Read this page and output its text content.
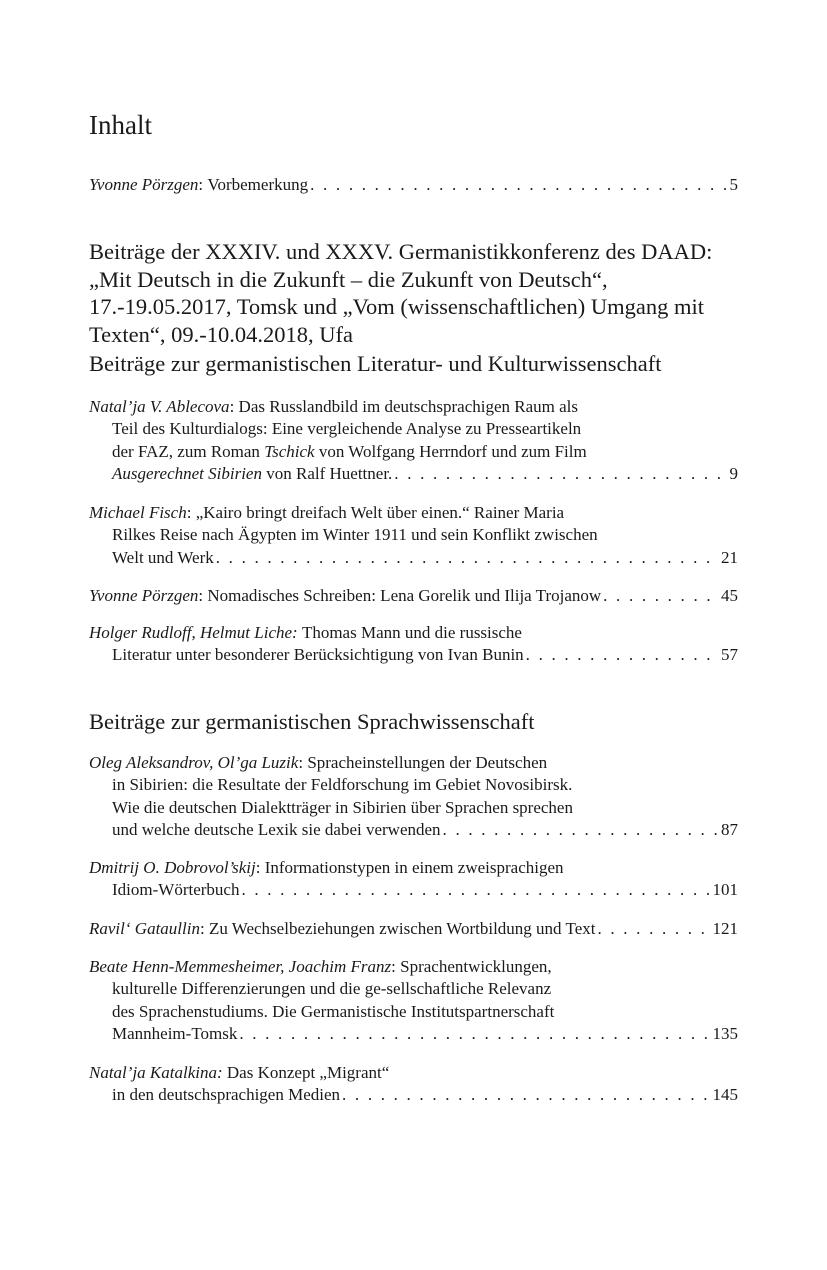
Inhalt
Yvonne Pörzgen : Vorbemerkung . . .	5
Beiträge der XXXIV. und XXXV. Germanistikkonferenz des DAAD:
„Mit Deutsch in die Zukunft – die Zukunft von Deutsch“,
17.-19.05.2017, Tomsk und „Vom (wissenschaftlichen) Umgang mit
Texten“, 09.-10.04.2018, Ufa
Beiträge zur germanistischen Literatur- und Kulturwissenschaft
Natal’ja V. Ablecova : Das Russlandbild im deutschsprachigen Raum als
Teil des Kulturdialogs: Eine vergleichende Analyse zu Presseartikeln
der FAZ, zum Roman Tschick von Wolfgang Herrndorf und zum Film
Ausgerechnet Sibirien von Ralf Huettner. . . .	9
Michael Fisch : „Kairo bringt dreifach Welt über einen.“ Rainer Maria
Rilkes Reise nach Ägypten im Winter 1911 und sein Konflikt zwischen
Welt und Werk . . .	21
Yvonne Pörzgen : Nomadisches Schreiben: Lena Gorelik und Ilija Trojanow . . .	45
Holger Rudloff, Helmut Liche:
Thomas Mann und die russische
Literatur unter besonderer Berücksichtigung von Ivan Bunin . . .	57
Beiträge zur germanistischen Sprachwissenschaft
Oleg Aleksandrov, Ol’ga Luzik : Spracheinstellungen der Deutschen
in Sibirien: die Resultate der Feldforschung im Gebiet Novosibirsk.
Wie die deutschen Dialektträger in Sibirien über Sprachen sprechen
und welche deutsche Lexik sie dabei verwenden . . .	87
Dmitrij O. Dobrovol’skij : Informationstypen in einem zweisprachigen
Idiom-Wörterbuch . . .	101
Ravil‘ Gataullin : Zu Wechselbeziehungen zwischen Wortbildung und Text . . .	121
Beate Henn-Memmesheimer, Joachim Franz : Sprachentwicklungen,
kulturelle Differenzierungen und die ge-sellschaftliche Relevanz
des Sprachenstudiums. Die Germanistische Institutspartnerschaft
Mannheim-Tomsk . . .	135
Natal’ja Katalkina:
Das Konzept „Migrant“
in den deutschsprachigen Medien . . .	145
